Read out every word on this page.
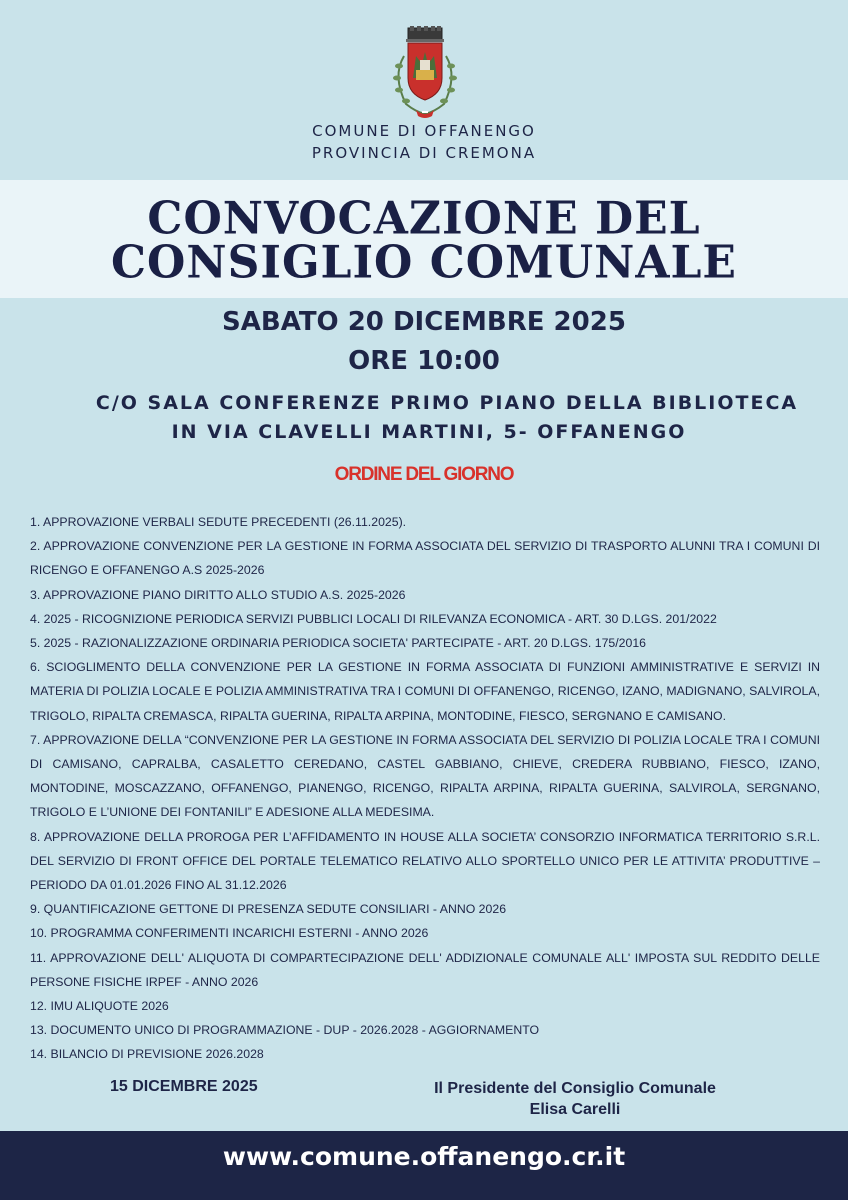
COMUNE DI OFFANENGO
PROVINCIA DI CREMONA
CONVOCAZIONE DEL
CONSIGLIO COMUNALE
SABATO 20 DICEMBRE 2025
ORE 10:00
C/O SALA CONFERENZE PRIMO PIANO DELLA BIBLIOTECA
IN VIA CLAVELLI MARTINI, 5- OFFANENGO
ORDINE DEL GIORNO
1. APPROVAZIONE VERBALI SEDUTE PRECEDENTI (26.11.2025).
2. APPROVAZIONE CONVENZIONE PER LA GESTIONE IN FORMA ASSOCIATA DEL SERVIZIO DI TRASPORTO ALUNNI TRA I COMUNI DI RICENGO E OFFANENGO A.S 2025-2026
3. APPROVAZIONE PIANO DIRITTO ALLO STUDIO A.S. 2025-2026
4. 2025 - RICOGNIZIONE PERIODICA SERVIZI PUBBLICI LOCALI DI RILEVANZA ECONOMICA - ART. 30 D.LGS. 201/2022
5. 2025 - RAZIONALIZZAZIONE ORDINARIA PERIODICA SOCIETA' PARTECIPATE - ART. 20 D.LGS. 175/2016
6. SCIOGLIMENTO DELLA CONVENZIONE PER LA GESTIONE IN FORMA ASSOCIATA DI FUNZIONI AMMINISTRATIVE E SERVIZI IN MATERIA DI POLIZIA LOCALE E POLIZIA AMMINISTRATIVA TRA I COMUNI DI OFFANENGO, RICENGO, IZANO, MADIGNANO, SALVIROLA, TRIGOLO, RIPALTA CREMASCA, RIPALTA GUERINA, RIPALTA ARPINA, MONTODINE, FIESCO, SERGNANO E CAMISANO.
7. APPROVAZIONE DELLA “CONVENZIONE PER LA GESTIONE IN FORMA ASSOCIATA DEL SERVIZIO DI POLIZIA LOCALE TRA I COMUNI DI CAMISANO, CAPRALBA, CASALETTO CEREDANO, CASTEL GABBIANO, CHIEVE, CREDERA RUBBIANO, FIESCO, IZANO, MONTODINE, MOSCAZZANO, OFFANENGO, PIANENGO, RICENGO, RIPALTA ARPINA, RIPALTA GUERINA, SALVIROLA, SERGNANO, TRIGOLO E L’UNIONE DEI FONTANILI” E ADESIONE ALLA MEDESIMA.
8. APPROVAZIONE DELLA PROROGA PER L’AFFIDAMENTO IN HOUSE ALLA SOCIETA’ CONSORZIO INFORMATICA TERRITORIO S.R.L. DEL SERVIZIO DI FRONT OFFICE DEL PORTALE TELEMATICO RELATIVO ALLO SPORTELLO UNICO PER LE ATTIVITA’ PRODUTTIVE – PERIODO DA 01.01.2026 FINO AL 31.12.2026
9. QUANTIFICAZIONE GETTONE DI PRESENZA SEDUTE CONSILIARI - ANNO 2026
10. PROGRAMMA CONFERIMENTI INCARICHI ESTERNI - ANNO 2026
11. APPROVAZIONE DELL' ALIQUOTA DI COMPARTECIPAZIONE DELL' ADDIZIONALE COMUNALE ALL' IMPOSTA SUL REDDITO DELLE PERSONE FISICHE IRPEF - ANNO 2026
12. IMU ALIQUOTE 2026
13. DOCUMENTO UNICO DI PROGRAMMAZIONE - DUP - 2026.2028 - AGGIORNAMENTO
14. BILANCIO DI PREVISIONE 2026.2028
15 DICEMBRE 2025	Il Presidente del Consiglio Comunale
Elisa Carelli
www.comune.offanengo.cr.it
